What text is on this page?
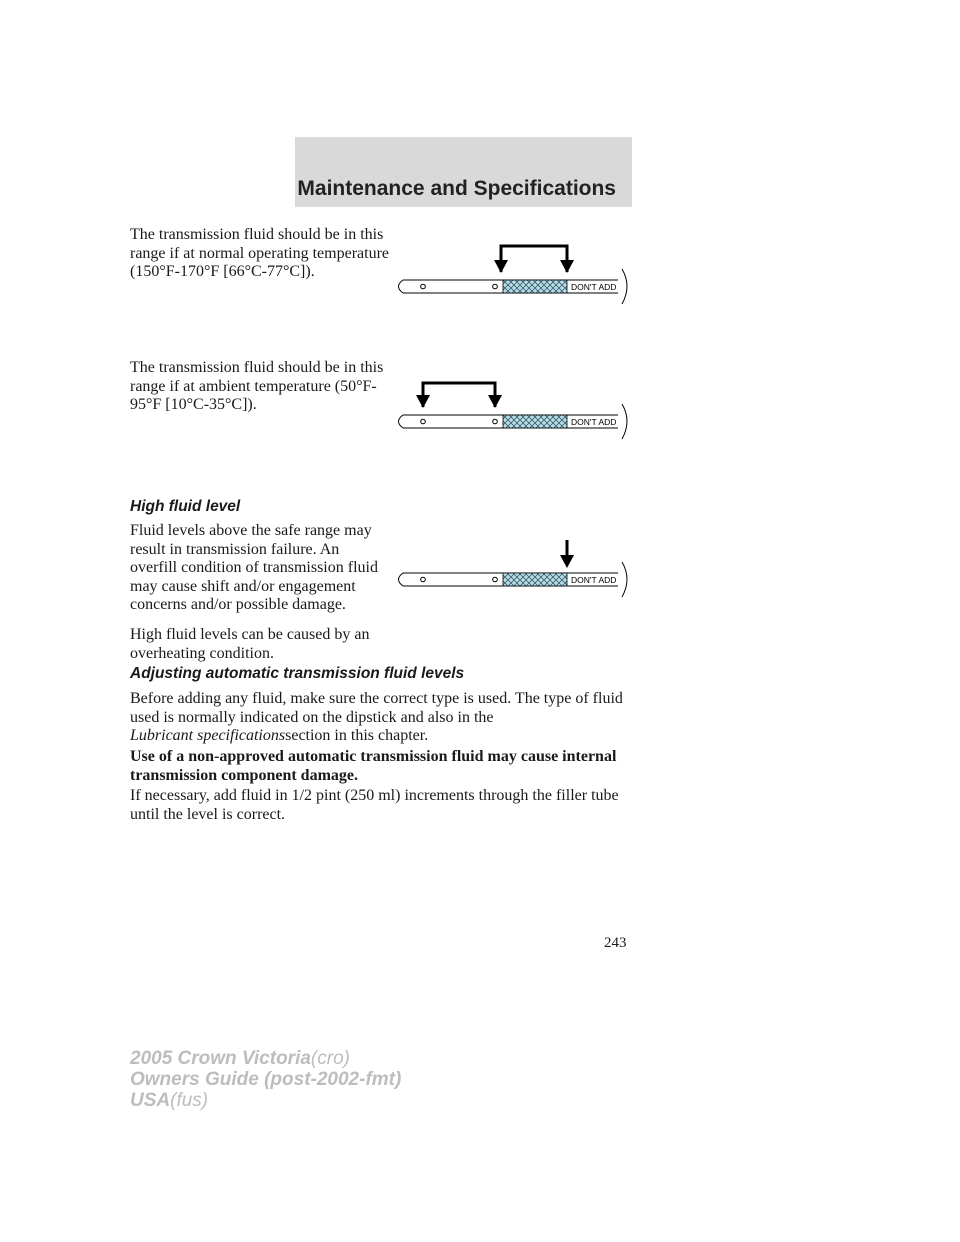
Maintenance and Specifications

The transmission fluid should be in this range if at normal operating temperature (150°F-170°F [66°C-77°C]).

The transmission fluid should be in this range if at ambient temperature (50°F-95°F [10°C-35°C]).

High fluid level

Fluid levels above the safe range may result in transmission failure. An overfill condition of transmission fluid may cause shift and/or engagement concerns and/or possible damage.

High fluid levels can be caused by an overheating condition.

Adjusting automatic transmission fluid levels

Before adding any fluid, make sure the correct type is used. The type of fluid used is normally indicated on the dipstick and also in the
Lubricant specificationssection in this chapter.

Use of a non-approved automatic transmission fluid may cause internal transmission component damage.

If necessary, add fluid in 1/2 pint (250 ml) increments through the filler tube until the level is correct.

DON'T ADD
DON'T ADD
DON'T ADD
243
2005 Crown Victoria(cro)
Owners Guide (post-2002-fmt)
USA(fus)
